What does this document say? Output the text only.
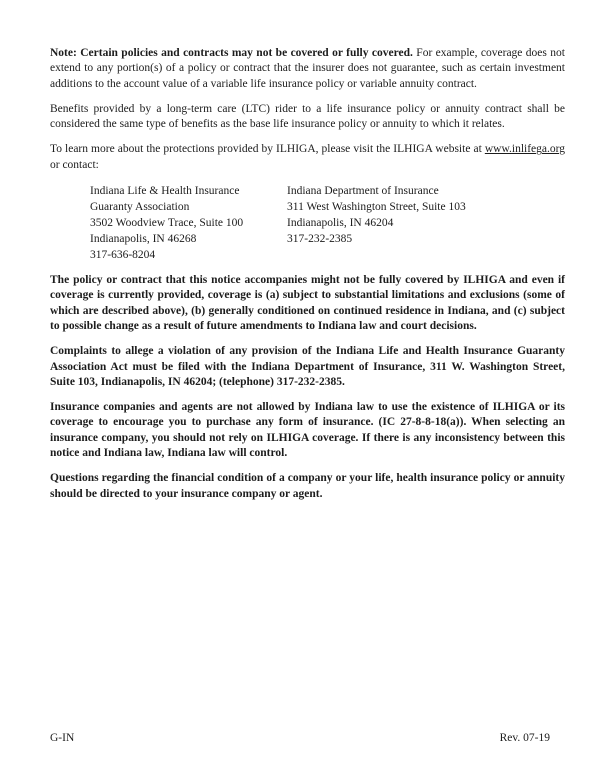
Note: Certain policies and contracts may not be covered or fully covered. For example, coverage does not extend to any portion(s) of a policy or contract that the insurer does not guarantee, such as certain investment additions to the account value of a variable life insurance policy or variable annuity contract.

Benefits provided by a long-term care (LTC) rider to a life insurance policy or annuity contract shall be considered the same type of benefits as the base life insurance policy or annuity to which it relates.

To learn more about the protections provided by ILHIGA, please visit the ILHIGA website at www.inlifega.org or contact:

Indiana Life & Health Insurance
Guaranty Association
3502 Woodview Trace, Suite 100
Indianapolis, IN 46268
317-636-8204
Indiana Department of Insurance
311 West Washington Street, Suite 103
Indianapolis, IN 46204
317-232-2385

The policy or contract that this notice accompanies might not be fully covered by ILHIGA and even if coverage is currently provided, coverage is (a) subject to substantial limitations and exclusions (some of which are described above), (b) generally conditioned on continued residence in Indiana, and (c) subject to possible change as a result of future amendments to Indiana law and court decisions.

Complaints to allege a violation of any provision of the Indiana Life and Health Insurance Guaranty Association Act must be filed with the Indiana Department of Insurance, 311 W. Washington Street, Suite 103, Indianapolis, IN 46204; (telephone) 317-232-2385.

Insurance companies and agents are not allowed by Indiana law to use the existence of ILHIGA or its coverage to encourage you to purchase any form of insurance. (IC 27-8-8-18(a)). When selecting an insurance company, you should not rely on ILHIGA coverage. If there is any inconsistency between this notice and Indiana law, Indiana law will control.

Questions regarding the financial condition of a company or your life, health insurance policy or annuity should be directed to your insurance company or agent.

G-IN	Rev. 07-19
